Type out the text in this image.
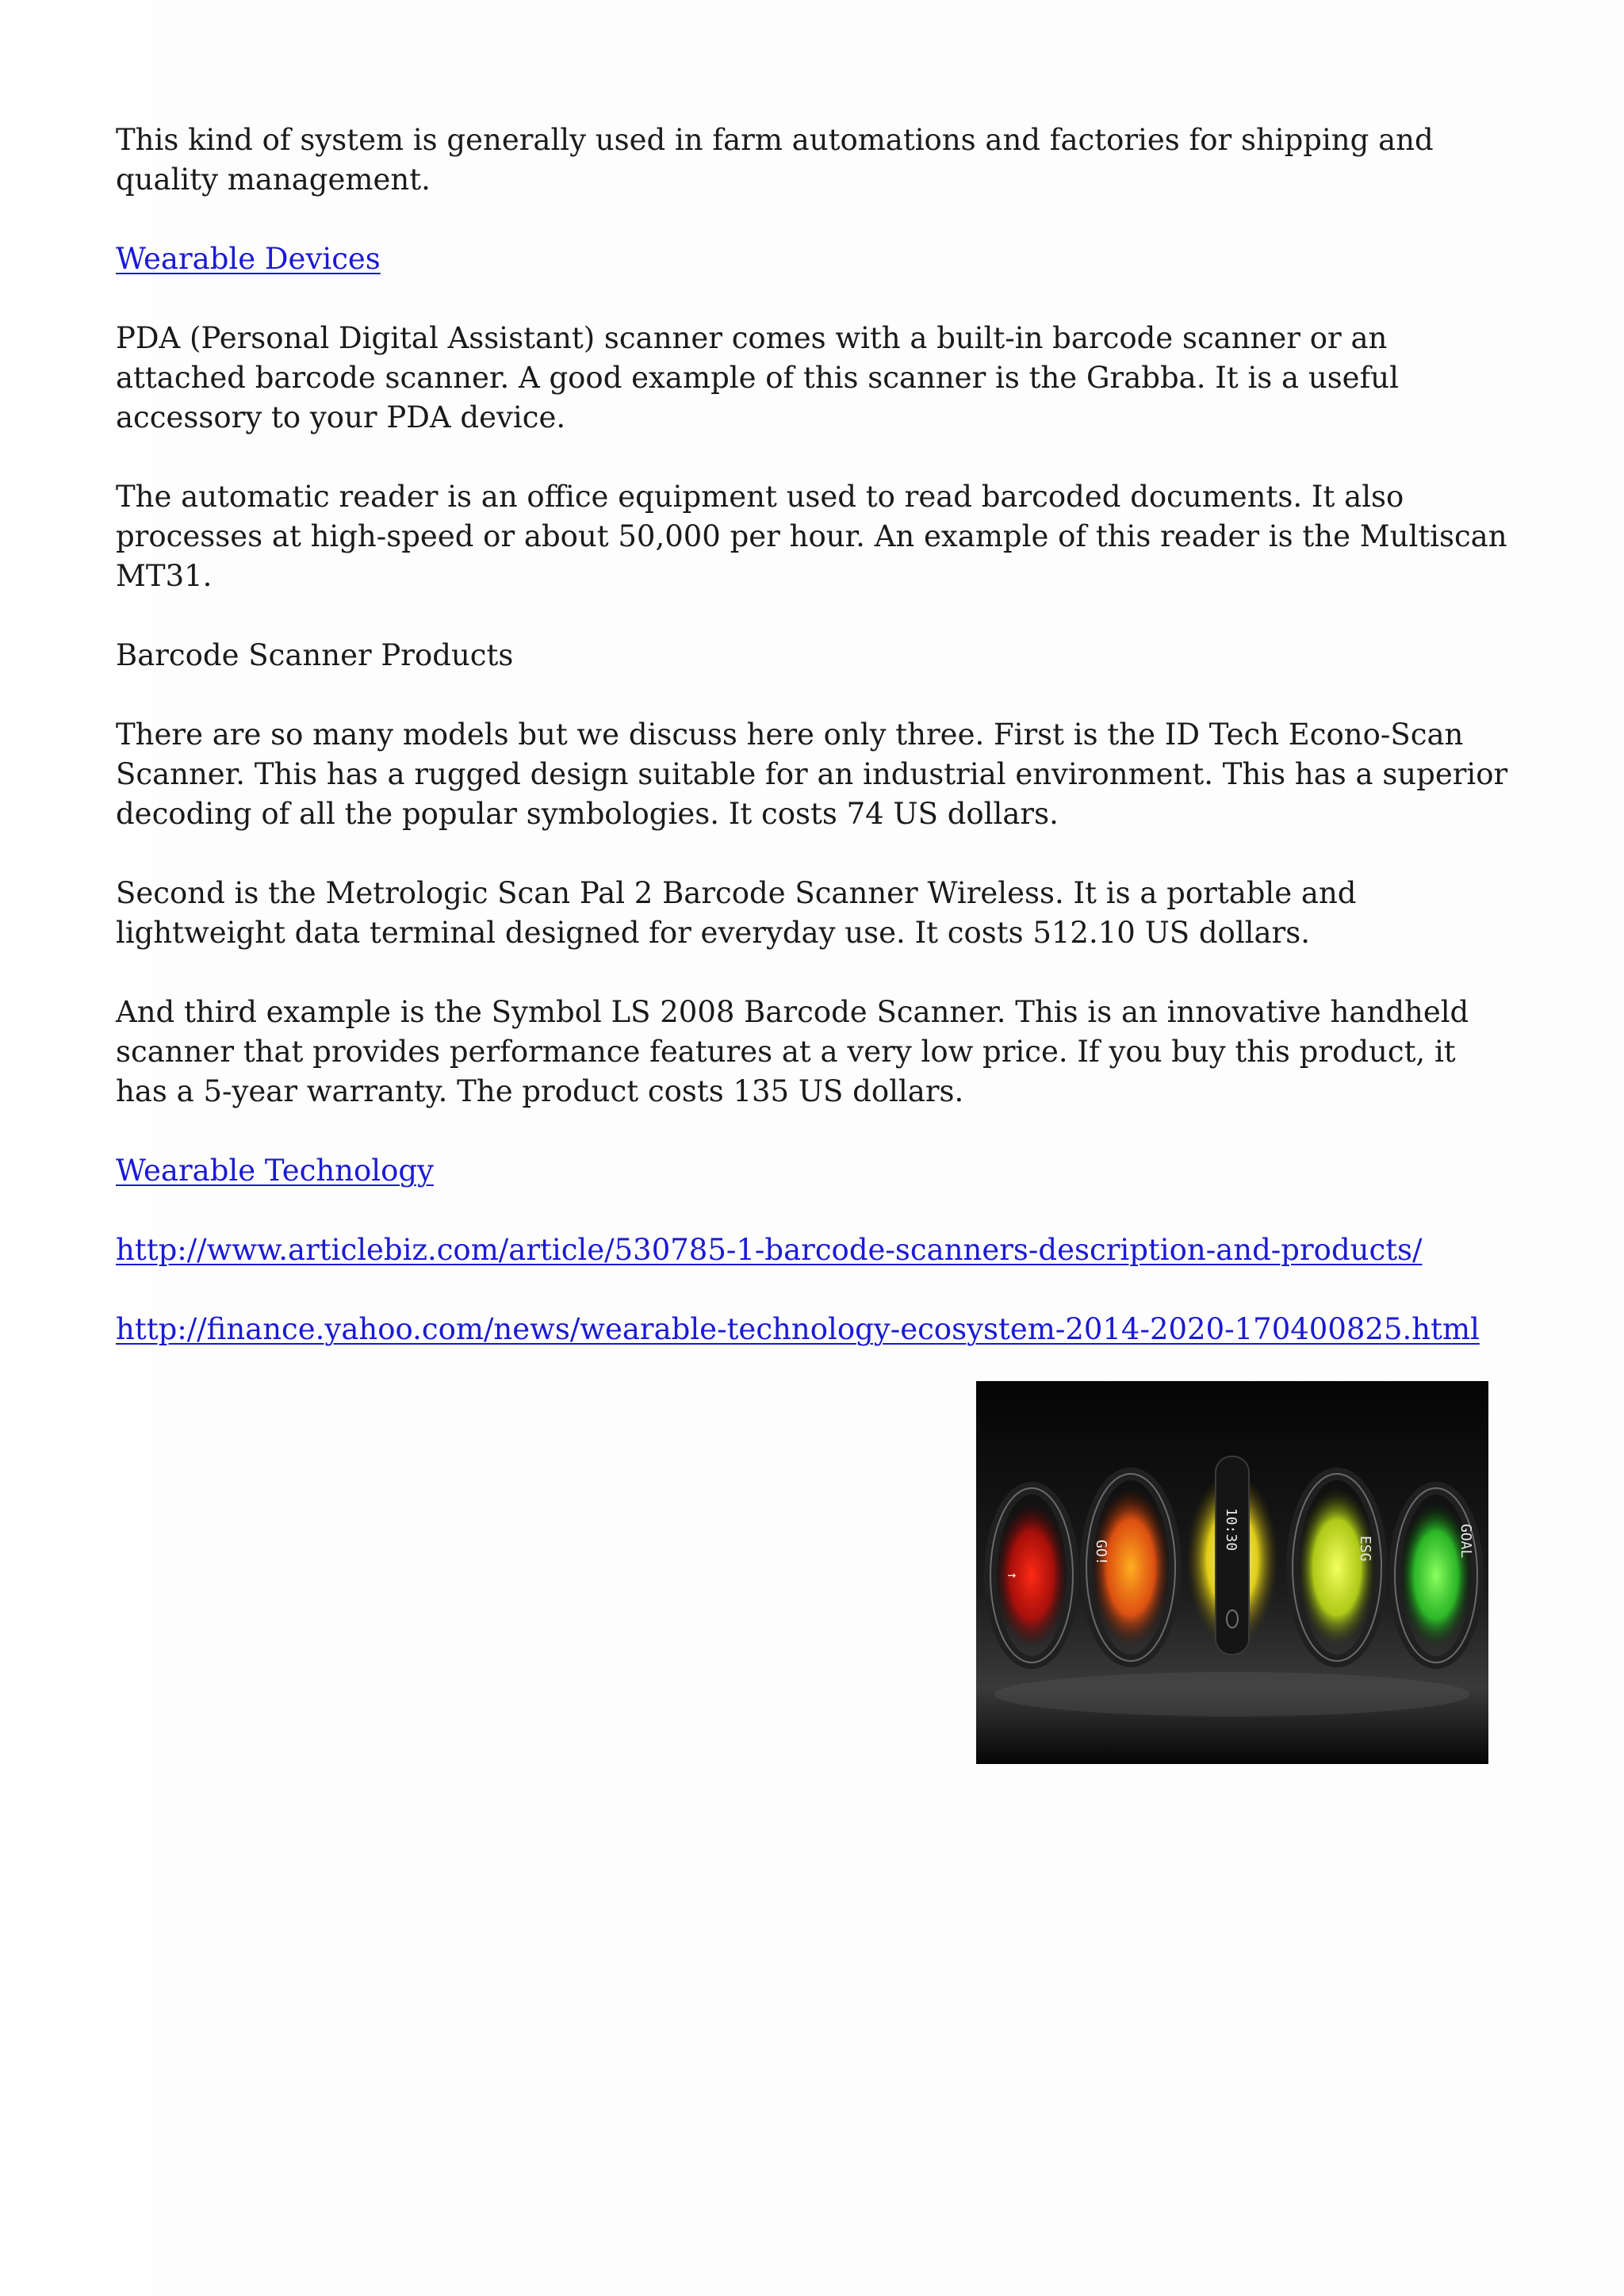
This kind of system is generally used in farm automations and factories for shipping and quality management.

Wearable Devices

PDA (Personal Digital Assistant) scanner comes with a built-in barcode scanner or an attached barcode scanner. A good example of this scanner is the Grabba. It is a useful accessory to your PDA device.

The automatic reader is an office equipment used to read barcoded documents. It also processes at high-speed or about 50,000 per hour. An example of this reader is the Multiscan MT31.

Barcode Scanner Products

There are so many models but we discuss here only three. First is the ID Tech Econo-Scan Scanner. This has a rugged design suitable for an industrial environment. This has a superior decoding of all the popular symbologies. It costs 74 US dollars.

Second is the Metrologic Scan Pal 2 Barcode Scanner Wireless. It is a portable and lightweight data terminal designed for everyday use. It costs 512.10 US dollars.

And third example is the Symbol LS 2008 Barcode Scanner. This is an innovative handheld scanner that provides performance features at a very low price. If you buy this product, it has a 5-year warranty. The product costs 135 US dollars.

Wearable Technology

http://www.articlebiz.com/article/530785-1-barcode-scanners-description-and-products/

http://finance.yahoo.com/news/wearable-technology-ecosystem-2014-2020-170400825.html

↑
GO!
10:30	ESG	GOAL
